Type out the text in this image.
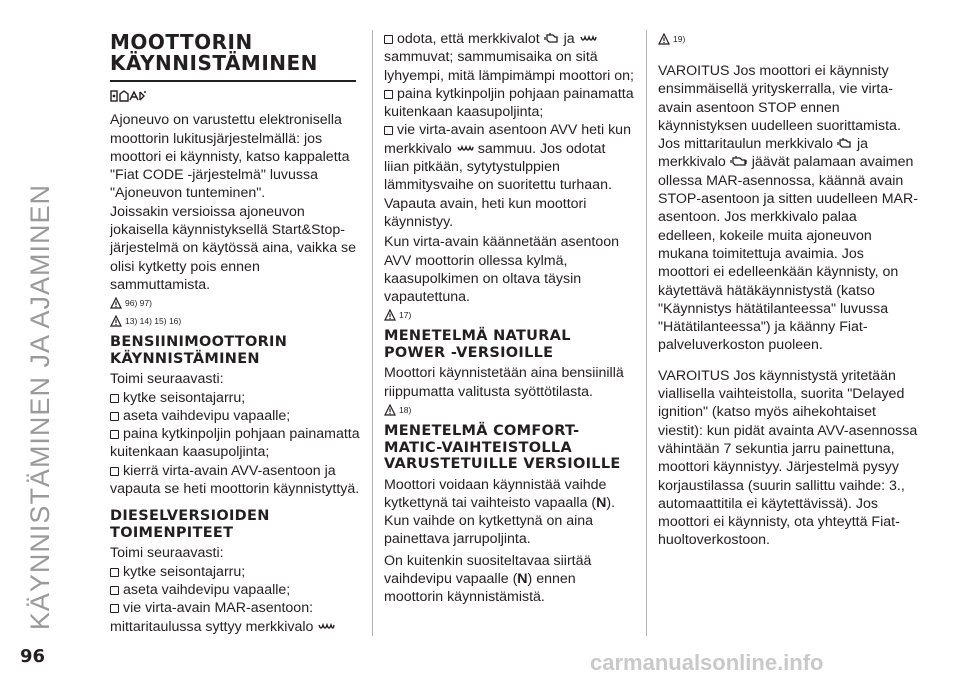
KÄYNNISTÄMINEN JA AJAMINEN
MOOTTORIN KÄYNNISTÄMINEN

Ajoneuvo on varustettu elektronisella moottorin lukitusjärjestelmällä: jos moottori ei käynnisty, katso kappaletta "Fiat CODE -järjestelmä" luvussa "Ajoneuvon tunteminen".

Joissakin versioissa ajoneuvon jokaisella käynnistyksellä Start&Stop-järjestelmä on käytössä aina, vaikka se olisi kytketty pois ennen sammuttamista.

96) 97)
13) 14) 15) 16)
BENSIINIMOOTTORIN KÄYNNISTÄMINEN

Toimi seuraavasti:

kytke seisontajarru;

aseta vaihdevipu vapaalle;

paina kytkinpoljin pohjaan painamatta kuitenkaan kaasupoljinta;

kierrä virta-avain AVV-asentoon ja vapauta se heti moottorin käynnistyttyä.

DIESELVERSIOIDEN TOIMENPITEET

Toimi seuraavasti:

kytke seisontajarru;

aseta vaihdevipu vapaalle;

vie virta-avain MAR-asentoon: mittaritaulussa syttyy merkkivalo

odota, että merkkivalot ja  sammuvat; sammumisaika on sitä lyhyempi, mitä lämpimämpi moottori on;

paina kytkinpoljin pohjaan painamatta kuitenkaan kaasupoljinta;

vie virta-avain asentoon AVV heti kun merkkivalo sammuu. Jos odotat liian pitkään, sytytystulppien lämmitysvaihe on suoritettu turhaan. Vapauta avain, heti kun moottori käynnistyy.

Kun virta-avain käännetään asentoon AVV moottorin ollessa kylmä, kaasupolkimen on oltava täysin vapautettuna.

17)
MENETELMÄ NATURAL POWER -VERSIOILLE

Moottori käynnistetään aina bensiinillä riippumatta valitusta syöttötilasta.

18)
MENETELMÄ COMFORT-MATIC-VAIHTEISTOLLA VARUSTETUILLE VERSIOILLE

Moottori voidaan käynnistää vaihde kytkettynä tai vaihteisto vapaalla (N). Kun vaihde on kytkettynä on aina painettava jarrupoljinta.

On kuitenkin suositeltavaa siirtää vaihdevipu vapaalle (N) ennen moottorin käynnistämistä.

19)

VAROITUS Jos moottori ei käynnisty ensimmäisellä yrityskerralla, vie virta-avain asentoon STOP ennen käynnistyksen uudelleen suorittamista. Jos mittaritaulun merkkivalo ja merkkivalo jäävät palamaan avaimen ollessa MAR-asennossa, käännä avain STOP-asentoon ja sitten uudelleen MAR-asentoon. Jos merkkivalo palaa edelleen, kokeile muita ajoneuvon mukana toimitettuja avaimia. Jos moottori ei edelleenkään käynnisty, on käytettävä hätäkäynnistystä (katso "Käynnistys hätätilanteessa" luvussa "Hätätilanteessa") ja käänny Fiat-palveluverkoston puoleen.

VAROITUS Jos käynnistystä yritetään viallisella vaihteistolla, suorita "Delayed ignition" (katso myös aihekohtaiset viestit): kun pidät avainta AVV-asennossa vähintään 7 sekuntia jarru painettuna, moottori käynnistyy. Järjestelmä pysyy korjaustilassa (suurin sallittu vaihde: 3., automaattitila ei käytettävissä). Jos moottori ei käynnisty, ota yhteyttä Fiat-huoltoverkostoon.

96	carmanualsonline.info
